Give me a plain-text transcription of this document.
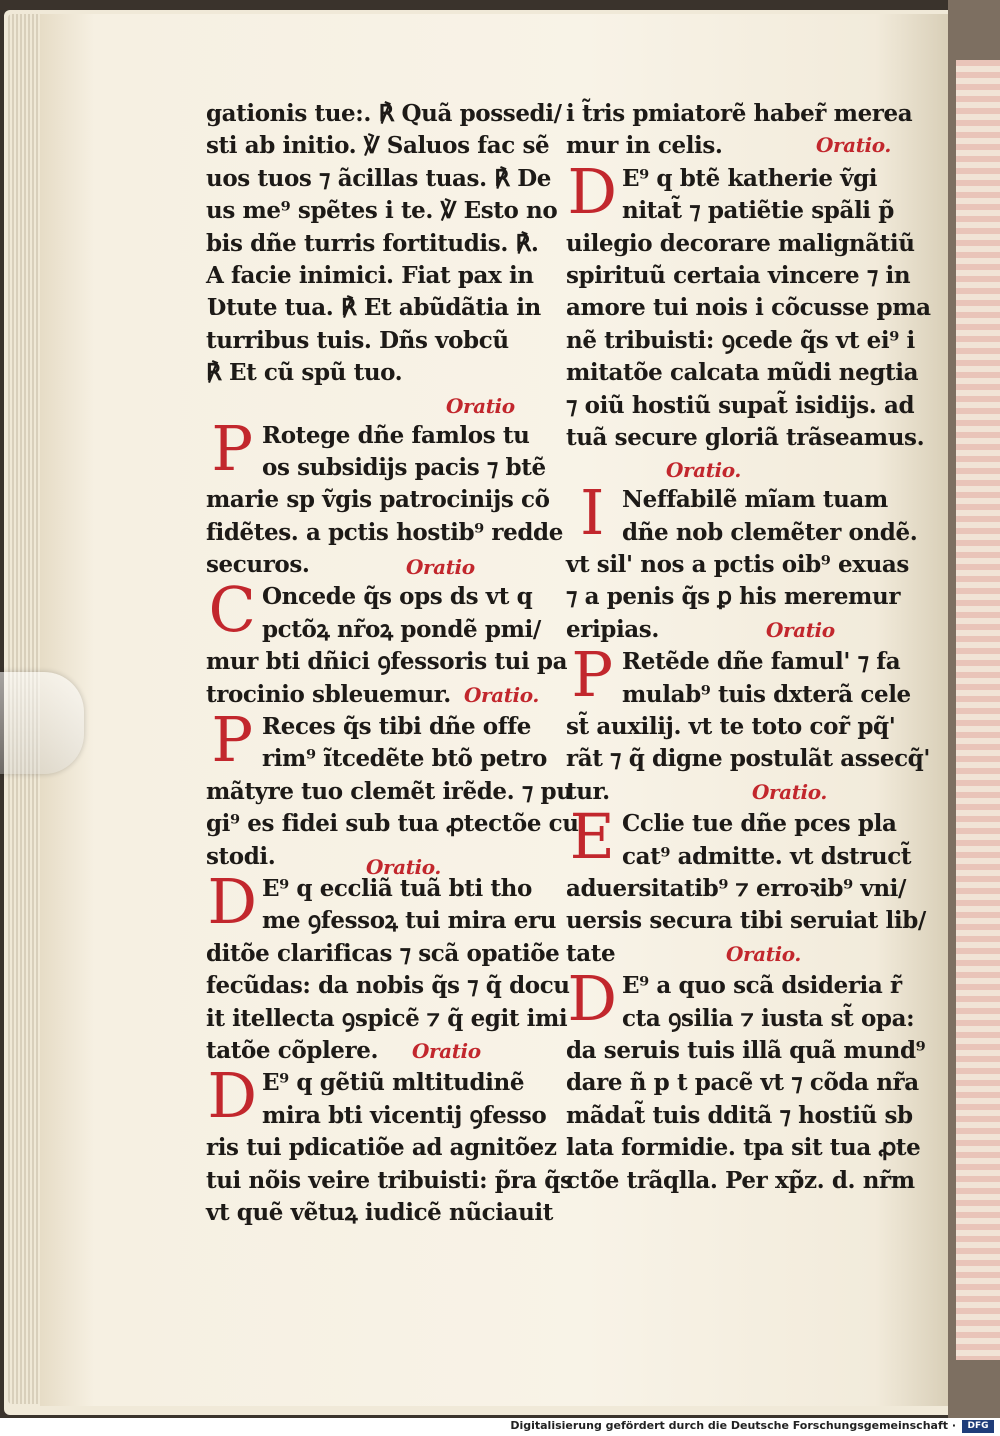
gationis tue:. ℟ Quã possedi/
sti ab initio. ℣ Saluos fac sẽ
uos tuos ⁊ ãcillas tuas. ℟ De
us me⁹ spẽtes i te. ℣ Esto no
bis dñe turris fortitudis. ℟.
A facie inimici. Fiat pax in
Ʋtute tua. ℟ Et abũdãtia in
turribus tuis. Dñs vobcũ
℟ Et cũ spũ tuo.
Oratio
P Rotege dñe famlos tu
os subsidijs pacis ⁊ btẽ
marie sp ṽgis patrocinijs cõ
fidẽtes. a pctis hostib⁹ redde
securos.	Oratio
C Oncede q̃s ops ds vt q
pctõꝝ nr̃oꝝ pondẽ pmi/
mur bti dñici ꝯfessoris tui pa
trocinio sbleuemur. Oratio.
P Reces q̃s tibi dñe offe
rim⁹ ĩtcedẽte btõ petro
mãtyre tuo clemẽt irẽde. ⁊ pu
gi⁹ es fidei sub tua ꝓtectõe cu
stodi.	Oratio.
D E⁹ q eccliã tuã bti tho
me ꝯfessoꝝ tui mira eru
ditõe clarificas ⁊ scã opatiõe
fecũdas: da nobis q̃s ⁊ q̃ docu
it itellecta ꝯspicẽ ⁊ q̃ egit imi
tatõe cõplere.	Oratio
D E⁹ q gẽtiũ mltitudinẽ
mira bti vicentij ꝯfesso
ris tui pdicatiõe ad agnitõez
tui nõis veire tribuisti: p̃ra q̃s
vt quẽ vẽtuꝝ iudicẽ nũciauit
i t̃ris pmiatorẽ haber̃ merea
mur in celis.	Oratio.
D E⁹ q btẽ katherie ṽgi
nitat̃ ⁊ patiẽtie spãli p̃
uilegio decorare malignãtiũ
spirituũ certaia vincere ⁊ in
amore tui nois i cõcusse pma
nẽ tribuisti: ꝯcede q̃s vt ei⁹ i
mitatõe calcata mũdi negtia
⁊ oiũ hostiũ supat̃ isidijs. ad
tuã secure gloriã trãseamus.
Oratio.
I Neffabilẽ mĩam tuam
dñe nob clemẽter ondẽ.
vt sil' nos a pctis oib⁹ exuas
⁊ a penis q̃s ꝑ his meremur
eripias.	Oratio
P Retẽde dñe famul' ⁊ fa
mulab⁹ tuis dxterã cele
st̃ auxilij. vt te toto cor̃ pq̃'
rãt ⁊ q̃ digne postulãt assecq̃'
tur.	Oratio.
E Cclie tue dñe pces pla
cat⁹ admitte. vt dstruct̃
aduersitatib⁹ ⁊ erroꝛib⁹ vni/
uersis secura tibi seruiat lib/
tate	Oratio.
D E⁹ a quo scã dsideria r̃
cta ꝯsilia ⁊ iusta st̃ opa:
da seruis tuis illã quã mund⁹
dare ñ p t pacẽ vt ⁊ cõda nr̃a
mãdat̃ tuis dditã ⁊ hostiũ sb
lata formidie. tpa sit tua ꝓte
ctõe trãqlla. Per xp̃z. d. nr̃m
Digitalisierung gefördert durch die Deutsche Forschungsgemeinschaft ·	DFG
